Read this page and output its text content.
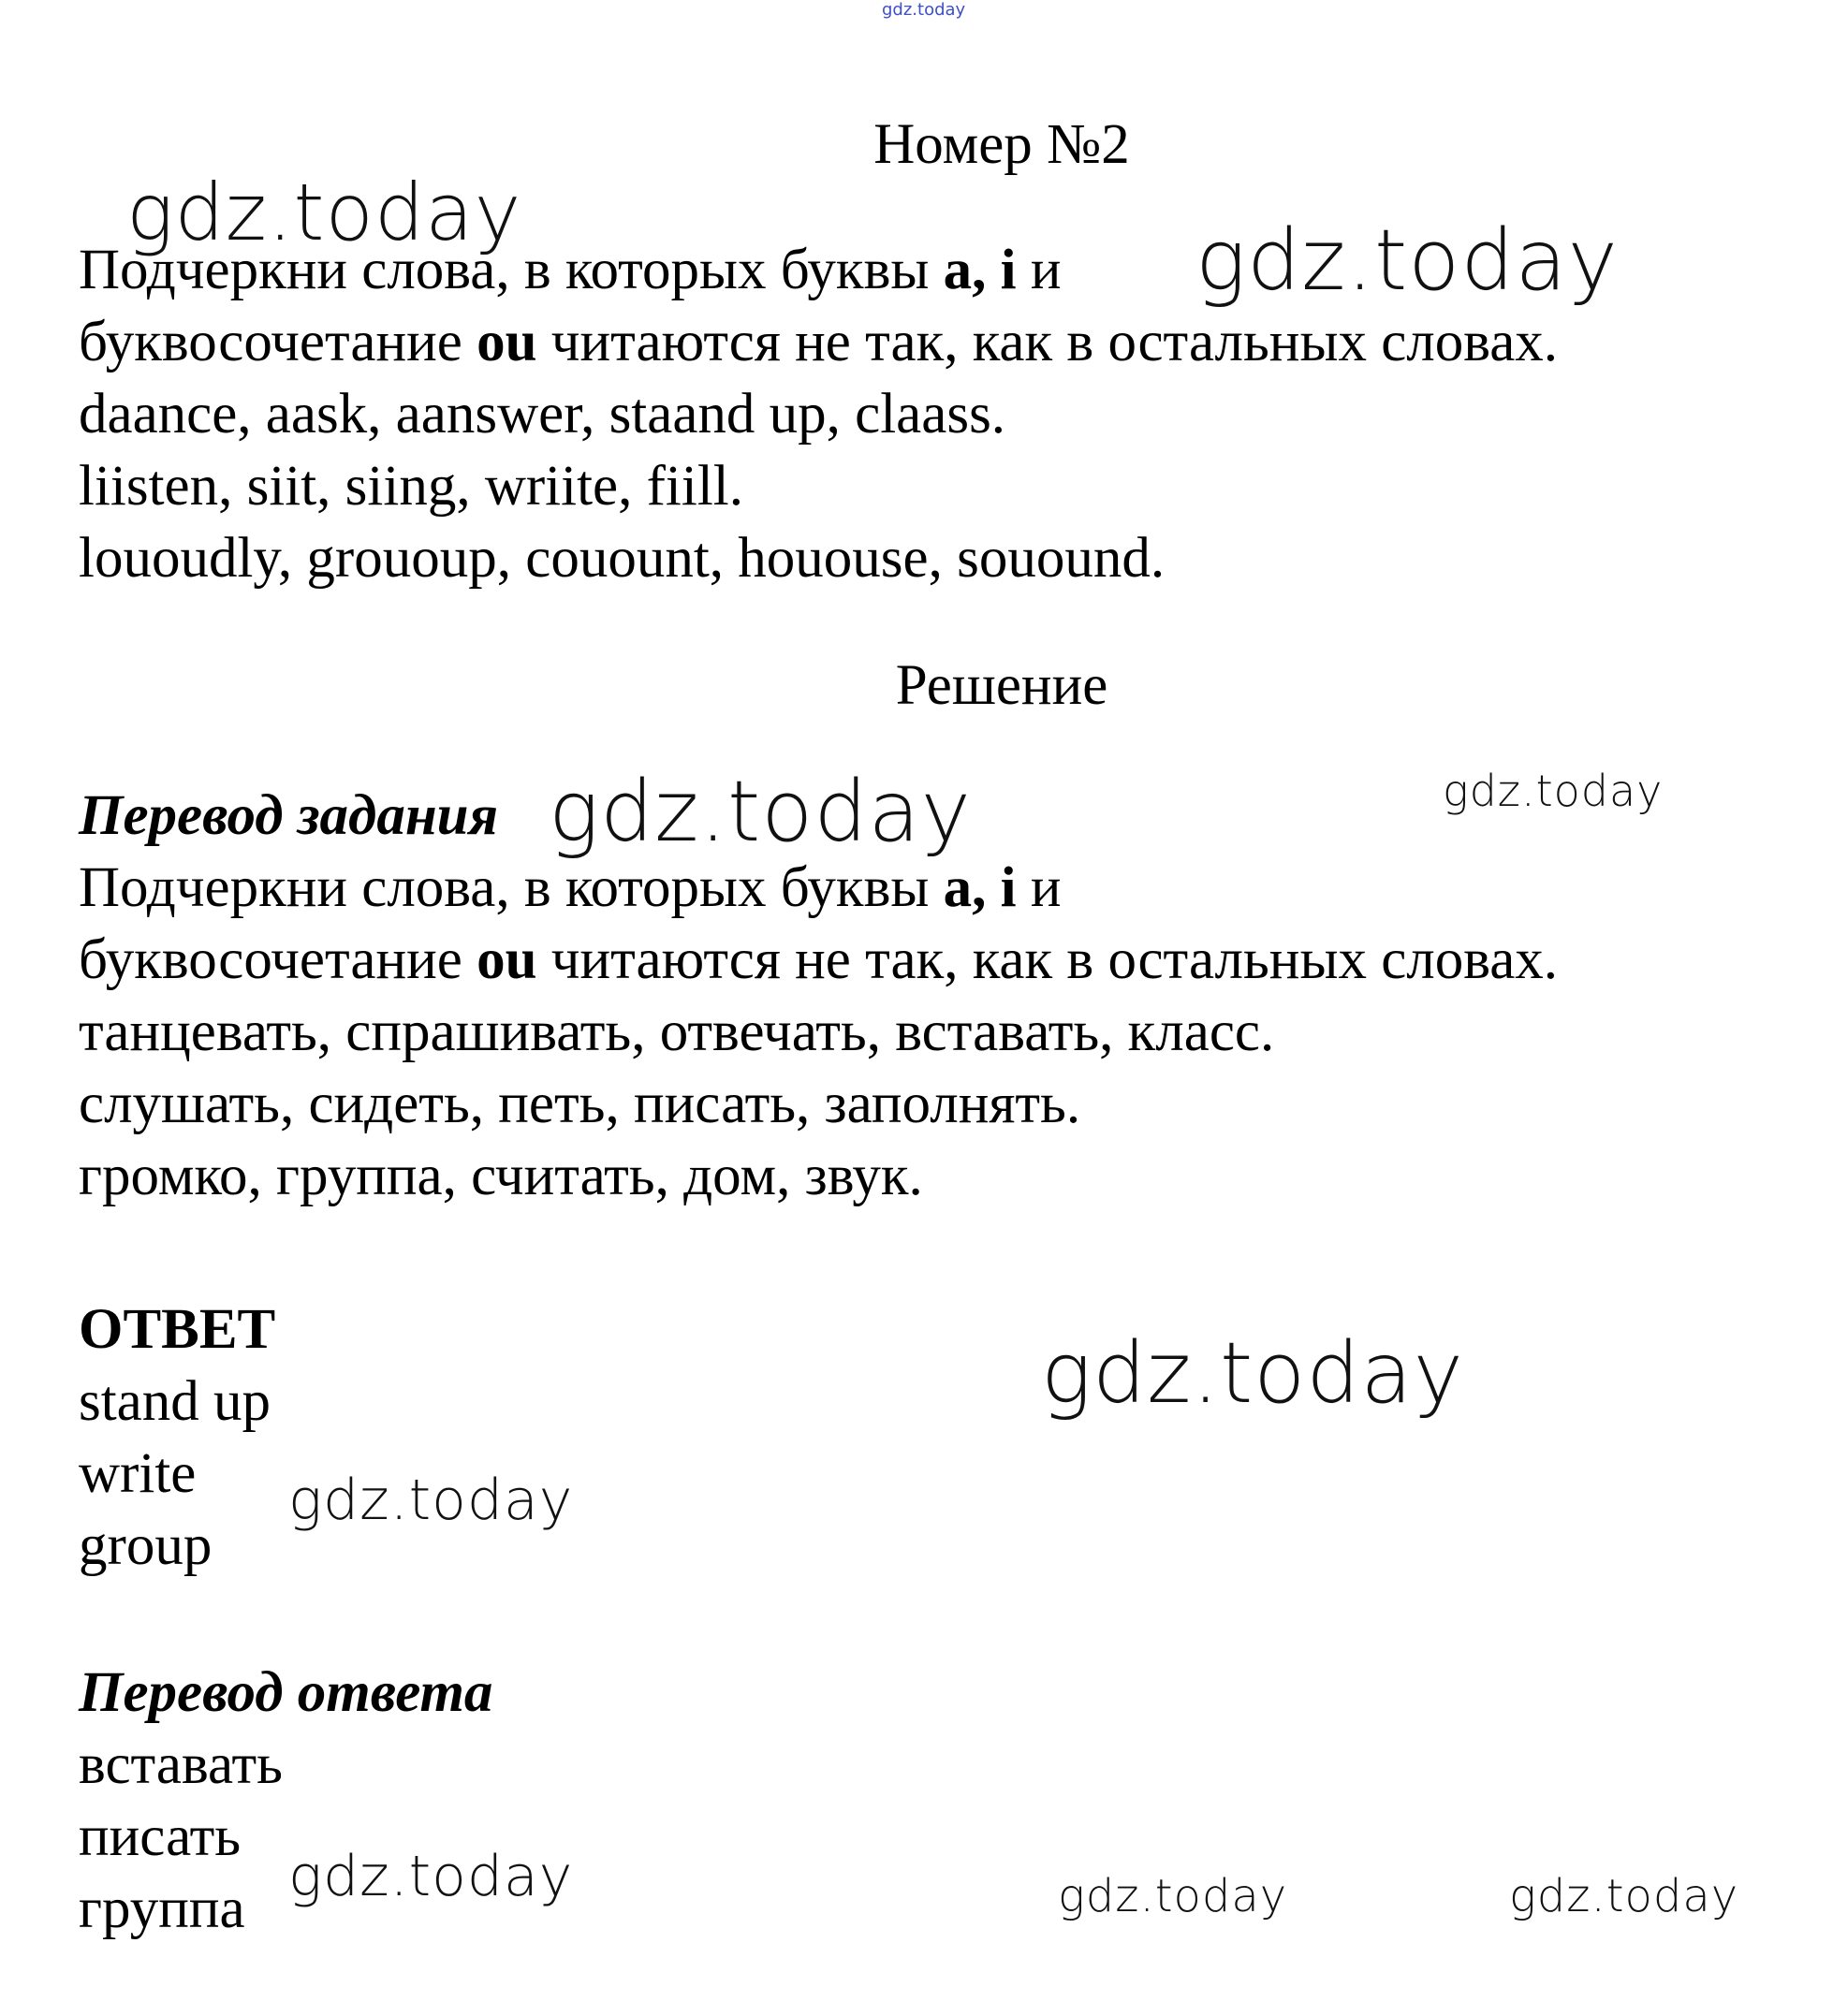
gdz.today
Номер №2
Подчеркни слова, в которых буквы a, i и
буквосочетание ou читаются не так, как в остальных словах.
daance, aask, aanswer, staand up, claass.
liisten, siit, siing, wriite, fiill.
lououdly, grououp, couount, hououse, souound.
Решение
Перевод задания
Подчеркни слова, в которых буквы a, i и
буквосочетание ou читаются не так, как в остальных словах.
танцевать, спрашивать, отвечать, вставать, класс.
слушать, сидеть, петь, писать, заполнять.
громко, группа, считать, дом, звук.
ОТВЕТ
stand up
write
group
Перевод ответа
вставать
писать
группа
gdz.today	gdz.today
gdz.today	gdz.today
gdz.today
gdz.today
gdz.today	gdz.today	gdz.today
